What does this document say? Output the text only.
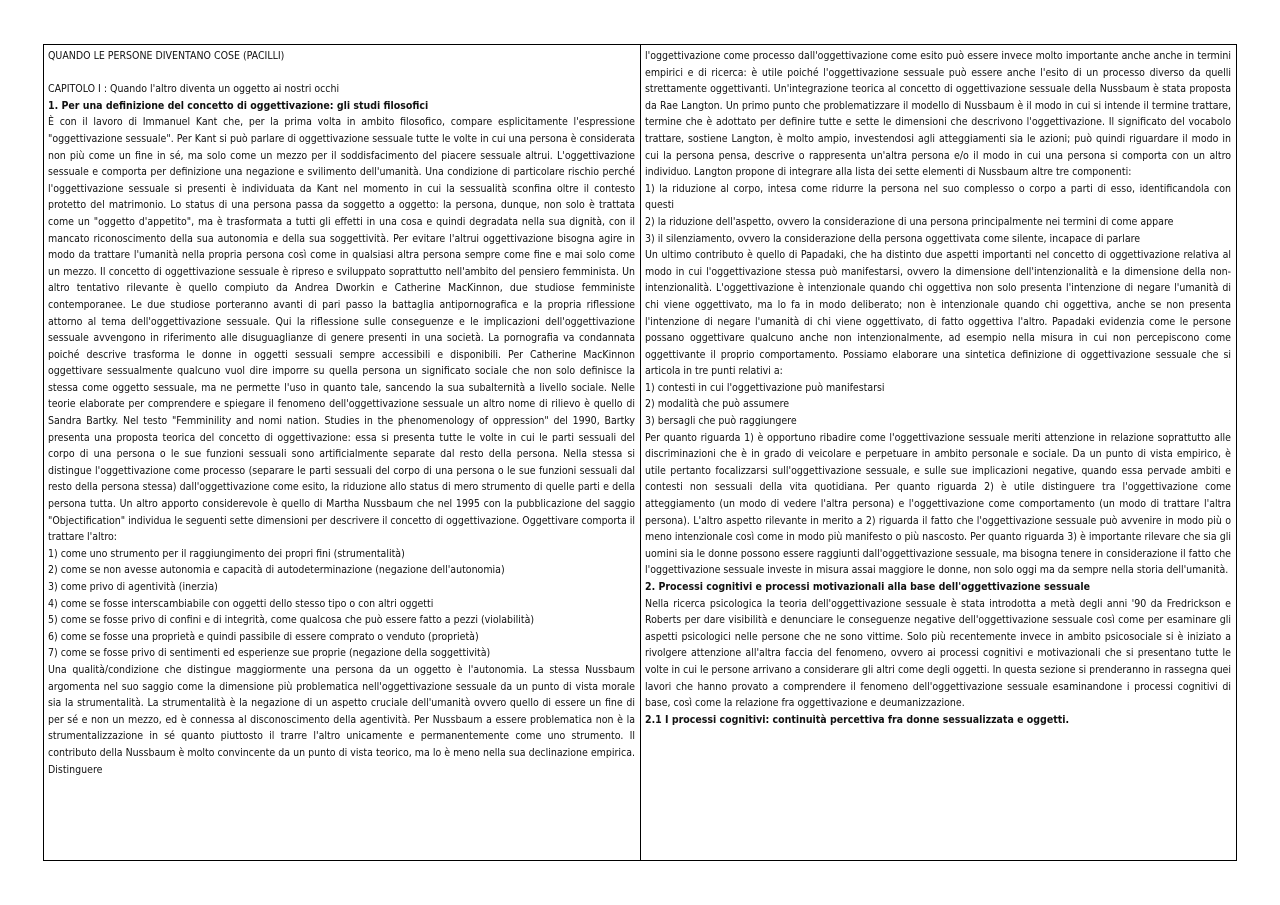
QUANDO LE PERSONE DIVENTANO COSE (PACILLI)

CAPITOLO I : Quando l'altro diventa un oggetto ai nostri occhi

1. Per una definizione del concetto di oggettivazione: gli studi filosofici

È con il lavoro di Immanuel Kant che, per la prima volta in ambito filosofico, compare esplicitamente l'espressione "oggettivazione sessuale". Per Kant si può parlare di oggettivazione sessuale tutte le volte in cui una persona è considerata non più come un fine in sé, ma solo come un mezzo per il soddisfacimento del piacere sessuale altrui. L'oggettivazione sessuale e comporta per definizione una negazione e svilimento dell'umanità. Una condizione di particolare rischio perché l'oggettivazione sessuale si presenti è individuata da Kant nel momento in cui la sessualità sconfina oltre il contesto protetto del matrimonio. Lo status di una persona passa da soggetto a oggetto: la persona, dunque, non solo è trattata come un "oggetto d'appetito", ma è trasformata a tutti gli effetti in una cosa e quindi degradata nella sua dignità, con il mancato riconoscimento della sua autonomia e della sua soggettività. Per evitare l'altrui oggettivazione bisogna agire in modo da trattare l'umanità nella propria persona così come in qualsiasi altra persona sempre come fine e mai solo come un mezzo. Il concetto di oggettivazione sessuale è ripreso e sviluppato soprattutto nell'ambito del pensiero femminista. Un altro tentativo rilevante è quello compiuto da Andrea Dworkin e Catherine MacKinnon, due studiose femministe contemporanee. Le due studiose porteranno avanti di pari passo la battaglia antipornografica e la propria riflessione attorno al tema dell'oggettivazione sessuale. Qui la riflessione sulle conseguenze e le implicazioni dell'oggettivazione sessuale avvengono in riferimento alle disuguaglianze di genere presenti in una società. La pornografia va condannata poiché descrive trasforma le donne in oggetti sessuali sempre accessibili e disponibili. Per Catherine MacKinnon oggettivare sessualmente qualcuno vuol dire imporre su quella persona un significato sociale che non solo definisce la stessa come oggetto sessuale, ma ne permette l'uso in quanto tale, sancendo la sua subalternità a livello sociale. Nelle teorie elaborate per comprendere e spiegare il fenomeno dell'oggettivazione sessuale un altro nome di rilievo è quello di Sandra Bartky. Nel testo "Femminility and nomi nation. Studies in the phenomenology of oppression" del 1990, Bartky presenta una proposta teorica del concetto di oggettivazione: essa si presenta tutte le volte in cui le parti sessuali del corpo di una persona o le sue funzioni sessuali sono artificialmente separate dal resto della persona. Nella stessa si distingue l'oggettivazione come processo (separare le parti sessuali del corpo di una persona o le sue funzioni sessuali dal resto della persona stessa) dall'oggettivazione come esito, la riduzione allo status di mero strumento di quelle parti e della persona tutta. Un altro apporto considerevole è quello di Martha Nussbaum che nel 1995 con la pubblicazione del saggio "Objectification" individua le seguenti sette dimensioni per descrivere il concetto di oggettivazione. Oggettivare comporta il trattare l'altro:

1) come uno strumento per il raggiungimento dei propri fini (strumentalità)

2) come se non avesse autonomia e capacità di autodeterminazione (negazione dell'autonomia)

3) come privo di agentività (inerzia)

4) come se fosse interscambiabile con oggetti dello stesso tipo o con altri oggetti

5) come se fosse privo di confini e di integrità, come qualcosa che può essere fatto a pezzi (violabilità)

6) come se fosse una proprietà e quindi passibile di essere comprato o venduto (proprietà)

7) come se fosse privo di sentimenti ed esperienze sue proprie (negazione della soggettività)

Una qualità/condizione che distingue maggiormente una persona da un oggetto è l'autonomia. La stessa Nussbaum argomenta nel suo saggio come la dimensione più problematica nell'oggettivazione sessuale da un punto di vista morale sia la strumentalità. La strumentalità è la negazione di un aspetto cruciale dell'umanità ovvero quello di essere un fine di per sé e non un mezzo, ed è connessa al disconoscimento della agentività. Per Nussbaum a essere problematica non è la strumentalizzazione in sé quanto piuttosto il trarre l'altro unicamente e permanentemente come uno strumento. Il contributo della Nussbaum è molto convincente da un punto di vista teorico, ma lo è meno nella sua declinazione empirica. Distinguere

l'oggettivazione come processo dall'oggettivazione come esito può essere invece molto importante anche anche in termini empirici e di ricerca: è utile poiché l'oggettivazione sessuale può essere anche l'esito di un processo diverso da quelli strettamente oggettivanti. Un'integrazione teorica al concetto di oggettivazione sessuale della Nussbaum è stata proposta da Rae Langton. Un primo punto che problematizzare il modello di Nussbaum è il modo in cui si intende il termine trattare, termine che è adottato per definire tutte e sette le dimensioni che descrivono l'oggettivazione. Il significato del vocabolo trattare, sostiene Langton, è molto ampio, investendosi agli atteggiamenti sia le azioni; può quindi riguardare il modo in cui la persona pensa, descrive o rappresenta un'altra persona e/o il modo in cui una persona si comporta con un altro individuo. Langton propone di integrare alla lista dei sette elementi di Nussbaum altre tre componenti:

1) la riduzione al corpo, intesa come ridurre la persona nel suo complesso o corpo a parti di esso, identificandola con questi

2) la riduzione dell'aspetto, ovvero la considerazione di una persona principalmente nei termini di come appare

3) il silenziamento, ovvero la considerazione della persona oggettivata come silente, incapace di parlare

Un ultimo contributo è quello di Papadaki, che ha distinto due aspetti importanti nel concetto di oggettivazione relativa al modo in cui l'oggettivazione stessa può manifestarsi, ovvero la dimensione dell'intenzionalità e la dimensione della non-intenzionalità. L'oggettivazione è intenzionale quando chi oggettiva non solo presenta l'intenzione di negare l'umanità di chi viene oggettivato, ma lo fa in modo deliberato; non è intenzionale quando chi oggettiva, anche se non presenta l'intenzione di negare l'umanità di chi viene oggettivato, di fatto oggettiva l'altro. Papadaki evidenzia come le persone possano oggettivare qualcuno anche non intenzionalmente, ad esempio nella misura in cui non percepiscono come oggettivante il proprio comportamento. Possiamo elaborare una sintetica definizione di oggettivazione sessuale che si articola in tre punti relativi a:

1) contesti in cui l'oggettivazione può manifestarsi

2) modalità che può assumere

3) bersagli che può raggiungere

Per quanto riguarda 1) è opportuno ribadire come l'oggettivazione sessuale meriti attenzione in relazione soprattutto alle discriminazioni che è in grado di veicolare e perpetuare in ambito personale e sociale. Da un punto di vista empirico, è utile pertanto focalizzarsi sull'oggettivazione sessuale, e sulle sue implicazioni negative, quando essa pervade ambiti e contesti non sessuali della vita quotidiana. Per quanto riguarda 2) è utile distinguere tra l'oggettivazione come atteggiamento (un modo di vedere l'altra persona) e l'oggettivazione come comportamento (un modo di trattare l'altra persona). L'altro aspetto rilevante in merito a 2) riguarda il fatto che l'oggettivazione sessuale può avvenire in modo più o meno intenzionale così come in modo più manifesto o più nascosto. Per quanto riguarda 3) è importante rilevare che sia gli uomini sia le donne possono essere raggiunti dall'oggettivazione sessuale, ma bisogna tenere in considerazione il fatto che l'oggettivazione sessuale investe in misura assai maggiore le donne, non solo oggi ma da sempre nella storia dell'umanità.

2. Processi cognitivi e processi motivazionali alla base dell'oggettivazione sessuale

Nella ricerca psicologica la teoria dell'oggettivazione sessuale è stata introdotta a metà degli anni '90 da Fredrickson e Roberts per dare visibilità e denunciare le conseguenze negative dell'oggettivazione sessuale così come per esaminare gli aspetti psicologici nelle persone che ne sono vittime. Solo più recentemente invece in ambito psicosociale si è iniziato a rivolgere attenzione all'altra faccia del fenomeno, ovvero ai processi cognitivi e motivazionali che si presentano tutte le volte in cui le persone arrivano a considerare gli altri come degli oggetti. In questa sezione si prenderanno in rassegna quei lavori che hanno provato a comprendere il fenomeno dell'oggettivazione sessuale esaminandone i processi cognitivi di base, così come la relazione fra oggettivazione e deumanizzazione.

2.1 I processi cognitivi: continuità percettiva fra donne sessualizzata e oggetti.
